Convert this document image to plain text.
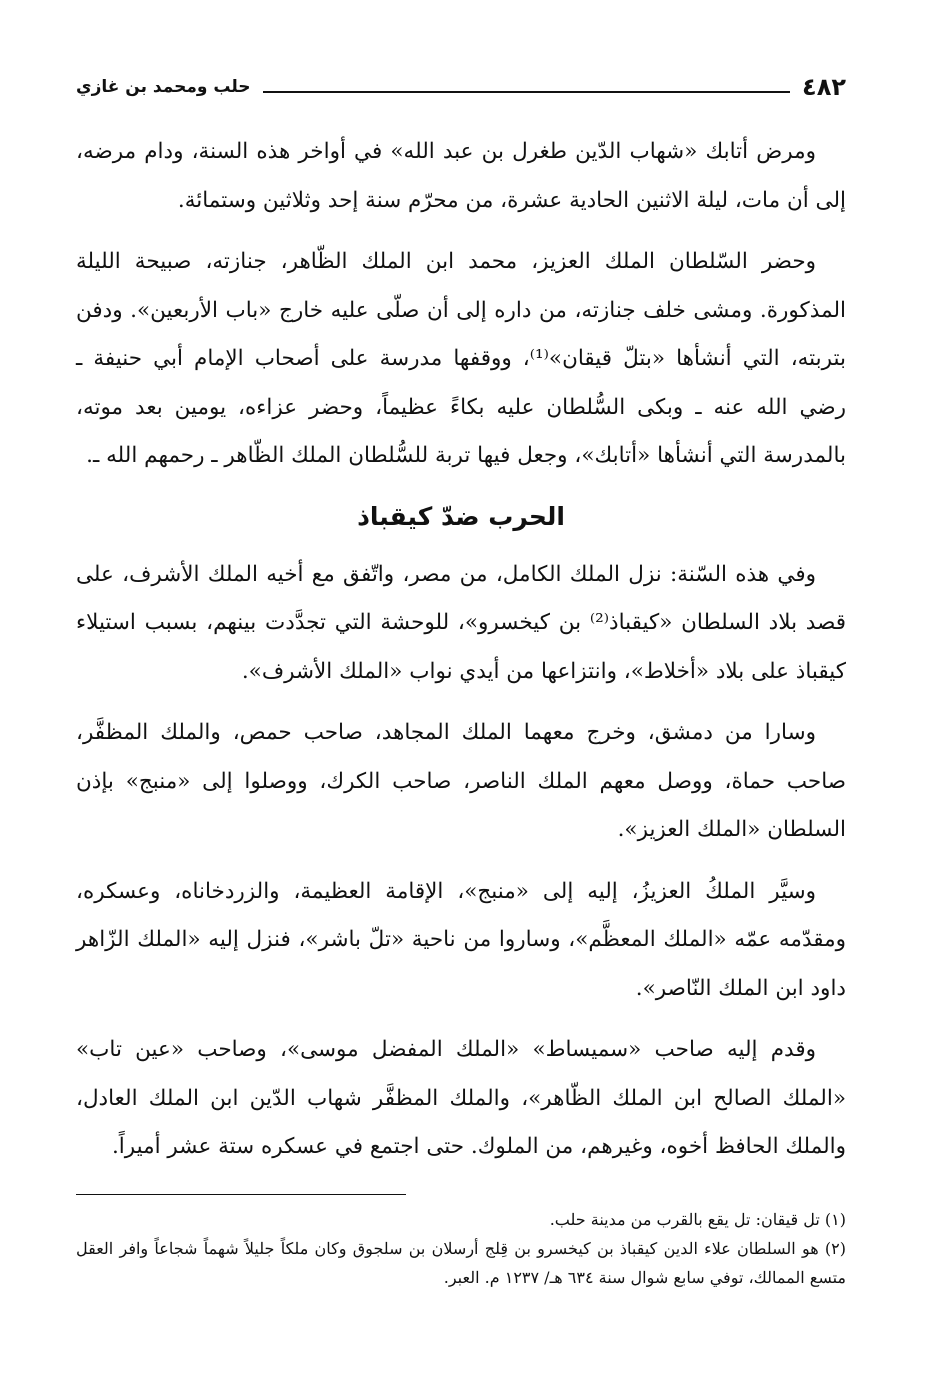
٤٨٢
حلب ومحمد بن غازي

ومرض أتابك «شهاب الدّين طغرل بن عبد الله» في أواخر هذه السنة، ودام مرضه، إلى أن مات، ليلة الاثنين الحادية عشرة، من محرّم سنة إحد وثلاثين وستمائة.

وحضر السّلطان الملك العزيز، محمد ابن الملك الظّاهر، جنازته، صبيحة الليلة المذكورة. ومشى خلف جنازته، من داره إلى أن صلّى عليه خارج «باب الأربعين». ودفن بتربته، التي أنشأها «بتلّ قيقان»⁽¹⁾، ووقفها مدرسة على أصحاب الإمام أبي حنيفة ـ رضي الله عنه ـ وبكى السُّلطان عليه بكاءً عظيماً، وحضر عزاءه، يومين بعد موته، بالمدرسة التي أنشأها «أتابك»، وجعل فيها تربة للسُّلطان الملك الظّاهر ـ رحمهم الله ـ.

الحرب ضدّ كيقباذ

وفي هذه السّنة: نزل الملك الكامل، من مصر، واتّفق مع أخيه الملك الأشرف، على قصد بلاد السلطان «كيقباذ⁽²⁾ بن كيخسرو»، للوحشة التي تجدَّدت بينهم، بسبب استيلاء كيقباذ على بلاد «أخلاط»، وانتزاعها من أيدي نواب «الملك الأشرف».

وسارا من دمشق، وخرج معهما الملك المجاهد، صاحب حمص، والملك المظفَّر، صاحب حماة، ووصل معهم الملك الناصر، صاحب الكرك، ووصلوا إلى «منبج» بإذن السلطان «الملك العزيز».

وسيَّر الملكُ العزيزُ، إليه إلى «منبج»، الإقامة العظيمة، والزردخاناه، وعسكره، ومقدّمه عمّه «الملك المعظَّم»، وساروا من ناحية «تلّ باشر»، فنزل إليه «الملك الزّاهر داود ابن الملك النّاصر».

وقدم إليه صاحب «سميساط» «الملك المفضل موسى»، وصاحب «عين تاب» «الملك الصالح ابن الملك الظّاهر»، والملك المظفَّر شهاب الدّين ابن الملك العادل، والملك الحافظ أخوه، وغيرهم، من الملوك. حتى اجتمع في عسكره ستة عشر أميراً.

(١) تل قيقان: تل يقع بالقرب من مدينة حلب.

(٢) هو السلطان علاء الدين كيقباذ بن كيخسرو بن قِلج أرسلان بن سلجوق وكان ملكاً جليلاً شهماً شجاعاً وافر العقل متسع الممالك، توفي سابع شوال سنة ٦٣٤ هـ/ ١٢٣٧ م. العبر.
